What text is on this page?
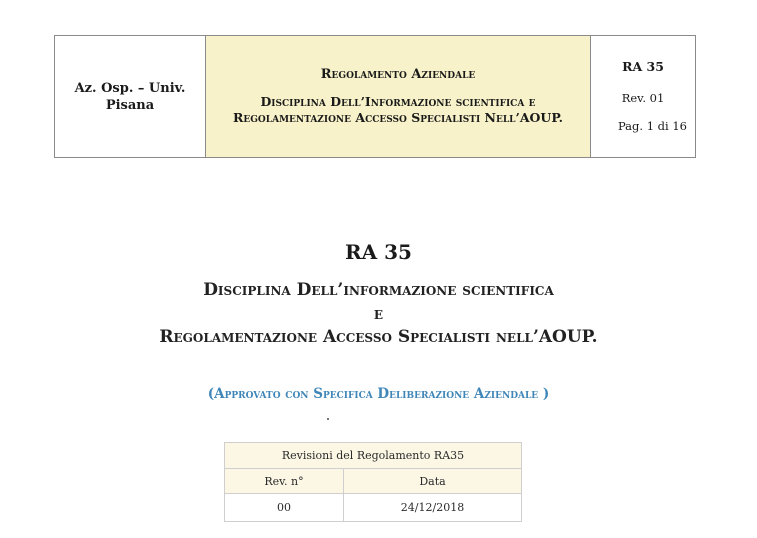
Az. Osp. – Univ.
Pisana
Regolamento Aziendale
Disciplina Dell’Informazione scientifica e Regolamentazione Accesso Specialisti Nell’AOUP.
RA 35
Rev. 01
Pag. 1 di 16
RA 35
Disciplina Dell’informazione scientifica
e
Regolamentazione Accesso Specialisti nell’AOUP.
(Approvato con Specifica Deliberazione Aziendale )
Revisioni del Regolamento RA35	
Rev. n°	Data
00	24/12/2018
